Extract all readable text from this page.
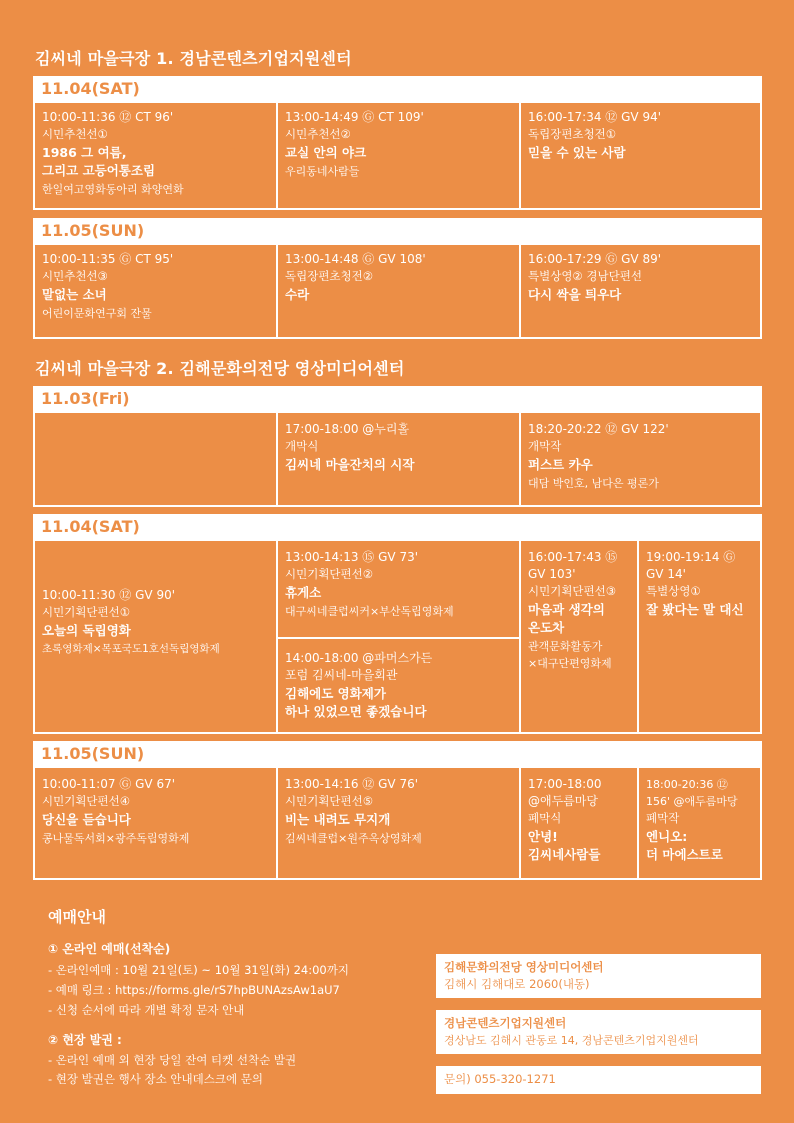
김씨네 마을극장 1. 경남콘텐츠기업지원센터
11.04(SAT)
10:00-11:36 ⑫ CT 96'
시민추천선①
1986 그 여름,
그리고 고등어통조림
한일여고영화동아리 화양연화
13:00-14:49 Ⓖ CT 109'
시민추천선②
교실 안의 야크
우리동네사람들
16:00-17:34 ⑫ GV 94'
독립장편초청전①
믿을 수 있는 사람
11.05(SUN)
10:00-11:35 Ⓖ CT 95'
시민추천선③
말없는 소녀
어린이문화연구회 잔물
13:00-14:48 Ⓖ GV 108'
독립장편초청전②
수라
16:00-17:29 Ⓖ GV 89'
특별상영② 경남단편선
다시 싹을 틔우다
김씨네 마을극장 2. 김해문화의전당 영상미디어센터
11.03(Fri)
17:00-18:00 @누리홀
개막식
김씨네 마을잔치의 시작
18:20-20:22 ⑫ GV 122'
개막작
퍼스트 카우
대담 박인호, 남다은 평론가
11.04(SAT)
10:00-11:30 ⑫ GV 90'
시민기획단편선①
오늘의 독립영화
초록영화제×목포국도1호선독립영화제
13:00-14:13 ⑮ GV 73'
시민기획단편선②
휴게소
대구씨네클럽씨커×부산독립영화제
14:00-18:00 @파머스가든
포럼 김씨네-마을회관
김해에도 영화제가
하나 있었으면 좋겠습니다
16:00-17:43 ⑮
GV 103'
시민기획단편선③
마음과 생각의
온도차
관객문화활동가
×대구단편영화제
19:00-19:14 Ⓖ
GV 14'
특별상영①
잘 봤다는 말 대신
11.05(SUN)
10:00-11:07 Ⓖ GV 67'
시민기획단편선④
당신을 듣습니다
콩나물독서회×광주독립영화제
13:00-14:16 ⑫ GV 76'
시민기획단편선⑤
비는 내려도 무지개
김씨네클럽×원주옥상영화제
17:00-18:00
@애두름마당
폐막식
안녕!
김씨네사람들
18:00-20:36 ⑫
156' @애두름마당
폐막작
엔니오:
더 마에스트로
예매안내
① 온라인 예매(선착순)
- 온라인예매 : 10월 21일(토) ~ 10월 31일(화) 24:00까지
- 예매 링크 : https://forms.gle/rS7hpBUNAzsAw1aU7
- 신청 순서에 따라 개별 확정 문자 안내
② 현장 발권 :
- 온라인 예매 외 현장 당일 잔여 티켓 선착순 발권
- 현장 발권은 행사 장소 안내데스크에 문의
김해문화의전당 영상미디어센터
김해시 김해대로 2060(내동)
경남콘텐츠기업지원센터
경상남도 김해시 관동로 14, 경남콘텐츠기업지원센터
문의) 055-320-1271
